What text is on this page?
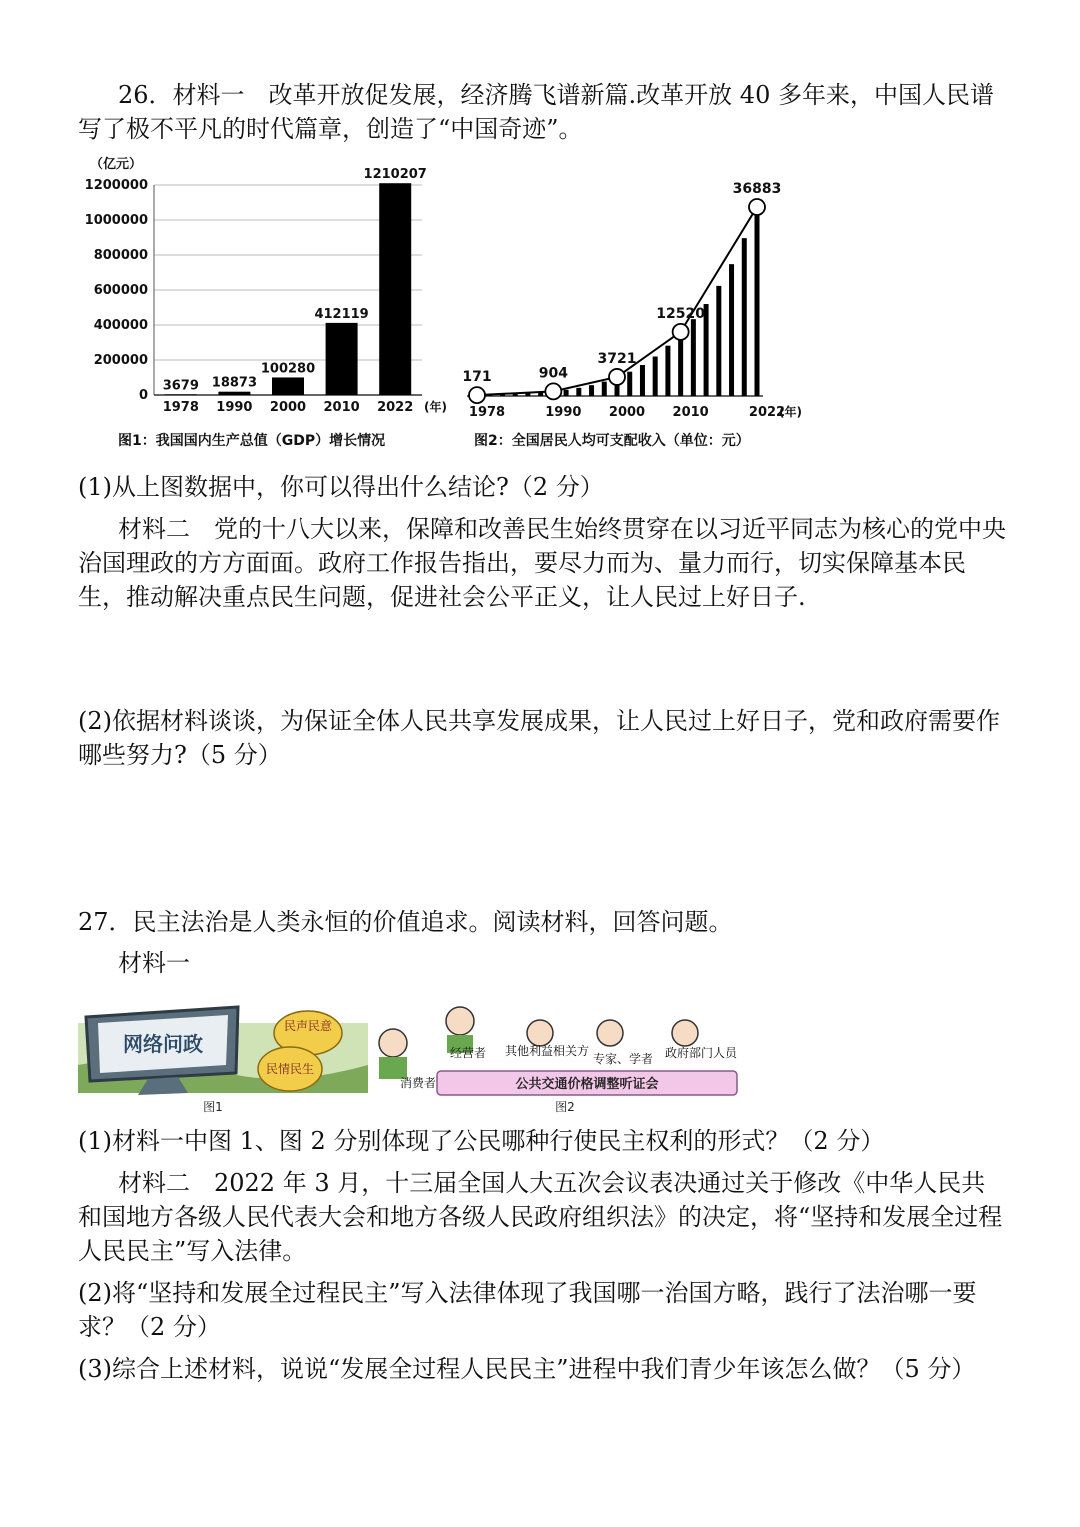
26．材料一　改革开放促发展，经济腾飞谱新篇.改革开放 40 多年来，中国人民谱写了极不平凡的时代篇章，创造了“中国奇迹”。

（亿元）
0
200000
400000
600000
800000
1000000
1200000
3679
1978
18873
1990
100280
2000
412119
2010
1210207
2022 (年)
图1：我国国内生产总值（GDP）增长情况
171	904
3721
12520
36883
1978	1990 2000 2010	2022
(年)
图2：全国居民人均可支配收入（单位：元）

(1)从上图数据中，你可以得出什么结论?（2 分）

材料二　党的十八大以来，保障和改善民生始终贯穿在以习近平同志为核心的党中央治国理政的方方面面。政府工作报告指出，要尽力而为、量力而行，切实保障基本民生，推动解决重点民生问题，促进社会公平正义，让人民过上好日子.

(2)依据材料谈谈，为保证全体人民共享发展成果，让人民过上好日子，党和政府需要作哪些努力?（5 分）

27．民主法治是人类永恒的价值追求。阅读材料，回答问题。

材料一

网络问政
民声民意
民情民生
图1
消费者
经营者 其他利益相关方
专家、学者 政府部门人员
公共交通价格调整听证会
图2

(1)材料一中图 1、图 2 分别体现了公民哪种行使民主权利的形式？（2 分）

材料二　2022 年 3 月，十三届全国人大五次会议表决通过关于修改《中华人民共和国地方各级人民代表大会和地方各级人民政府组织法》的决定，将“坚持和发展全过程人民民主”写入法律。

(2)将“坚持和发展全过程民主”写入法律体现了我国哪一治国方略，践行了法治哪一要求？（2 分）

(3)综合上述材料，说说“发展全过程人民民主”进程中我们青少年该怎么做？（5 分）
